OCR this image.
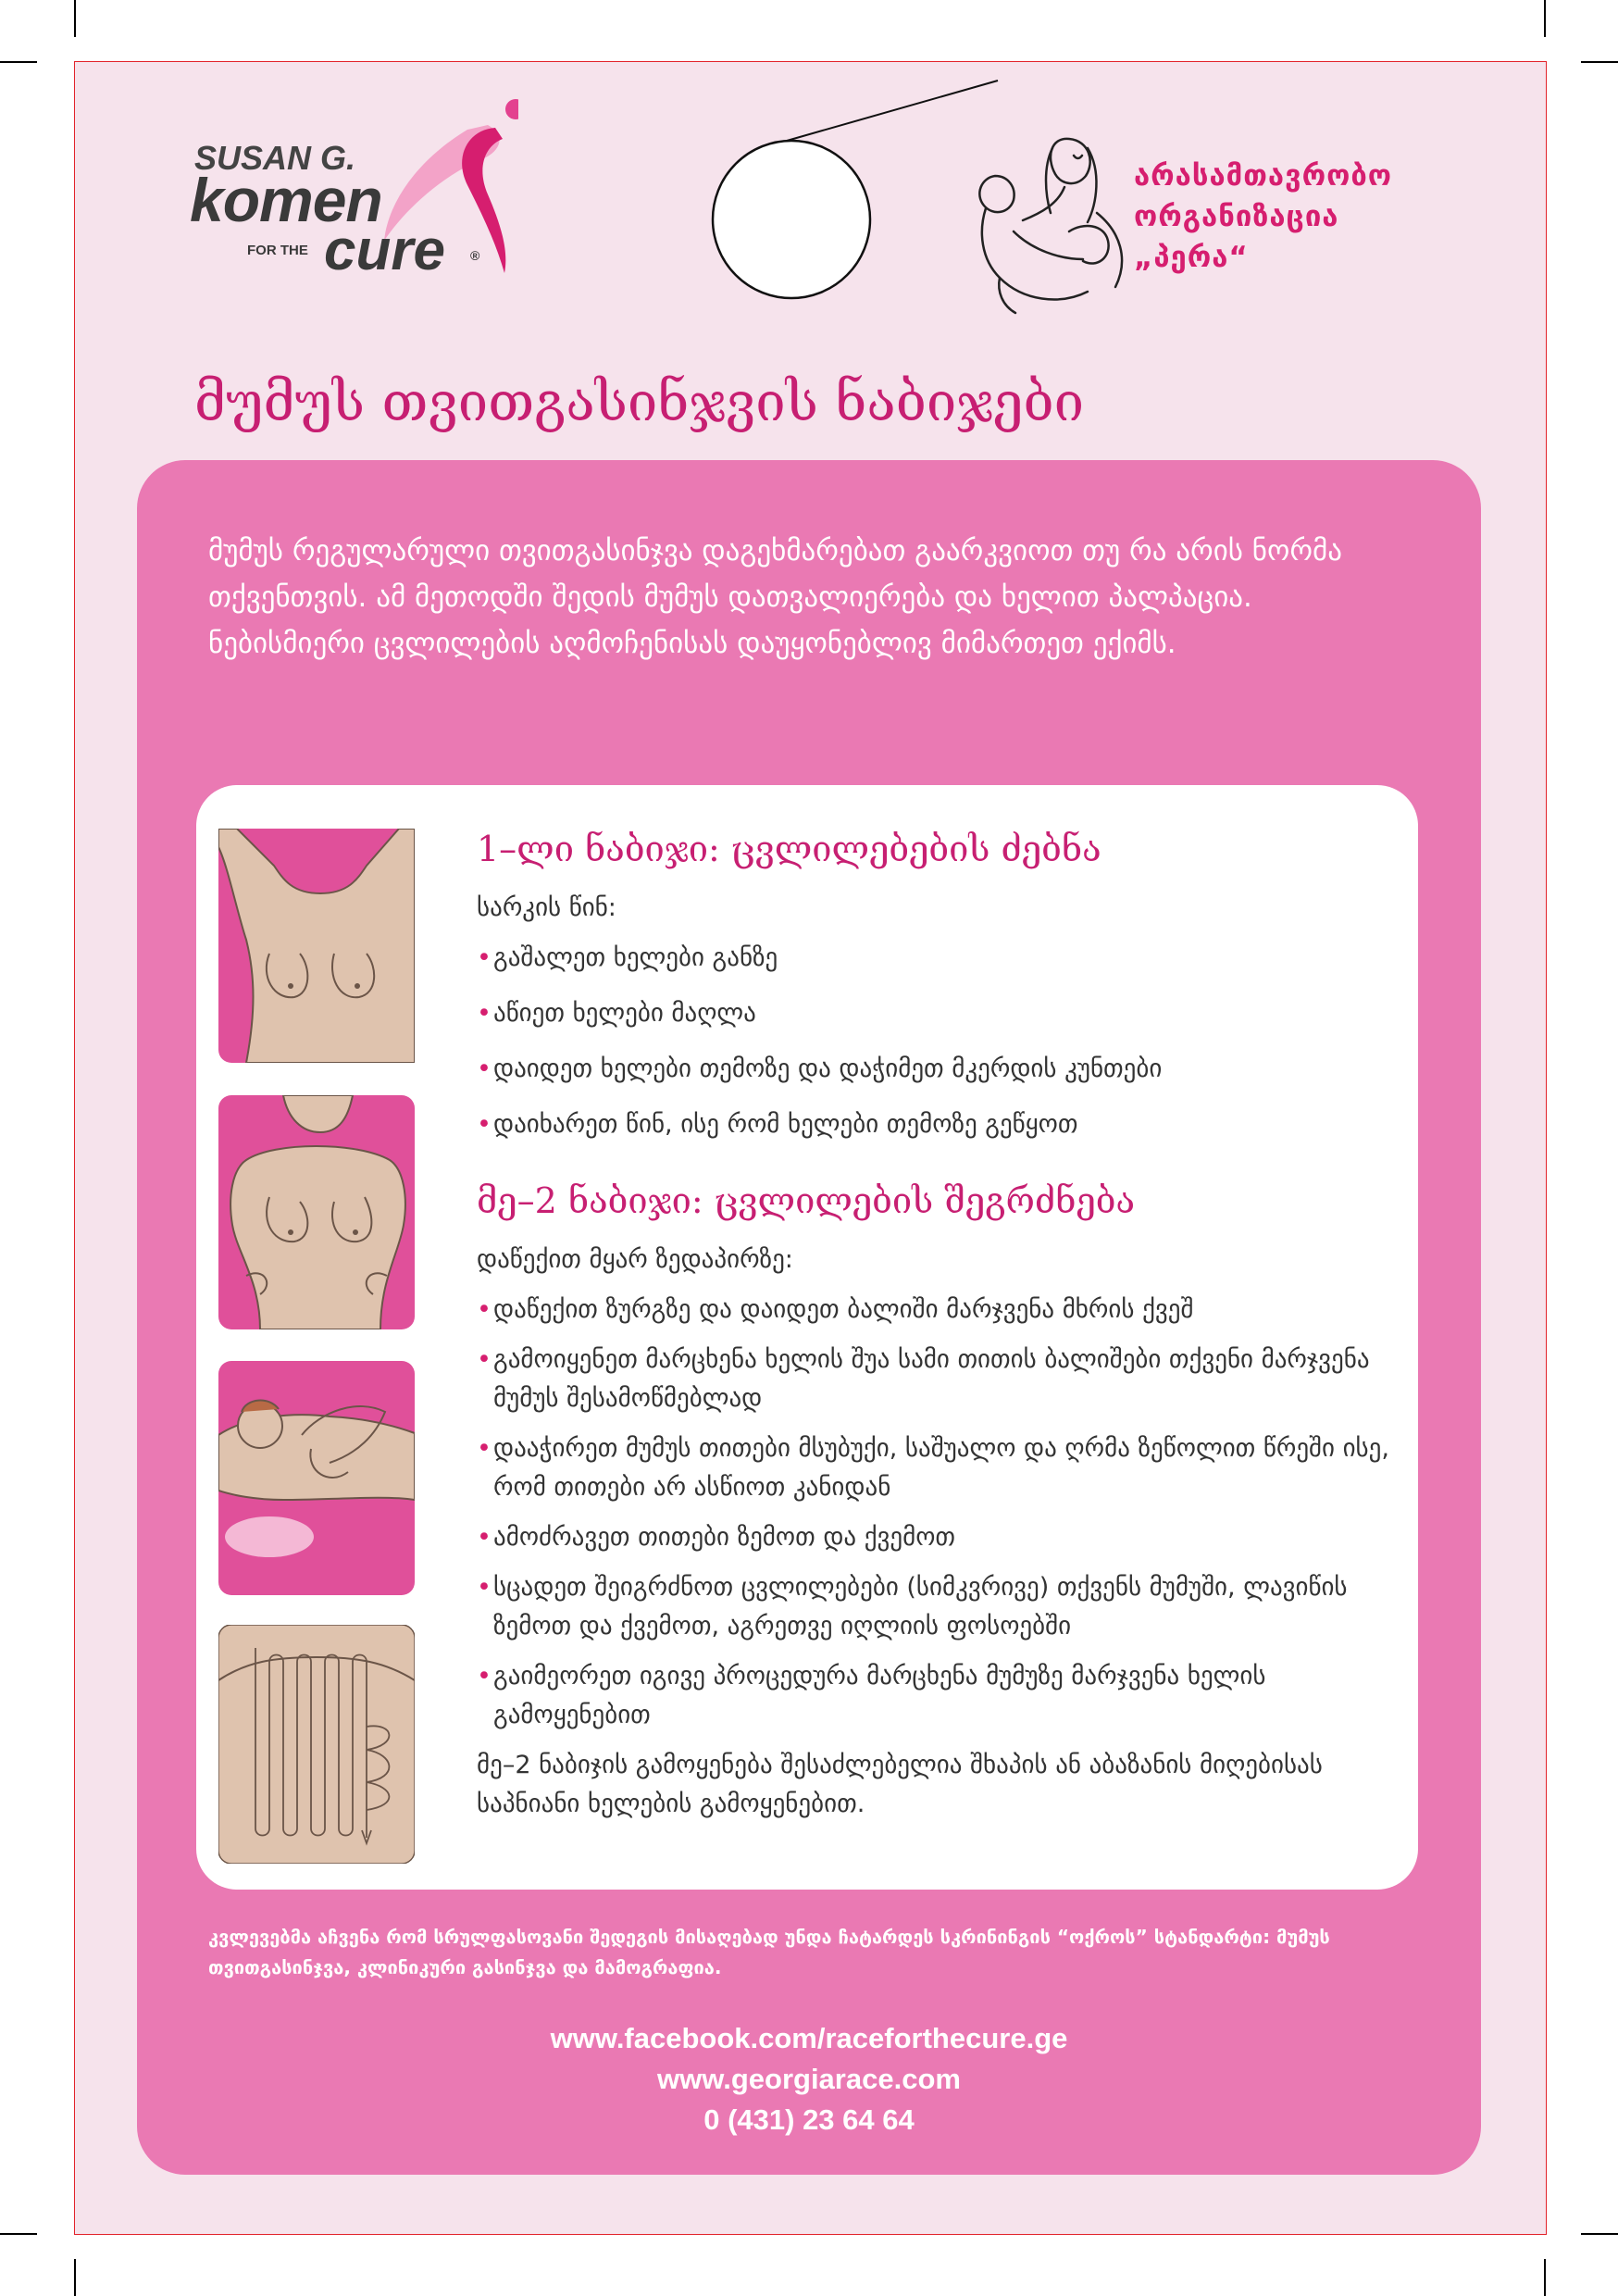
SUSAN G.
komen
FOR THE cure ®
არასამთავრობო
ორგანიზაცია
„პერა“
მუმუს თვითგასინჯვის ნაბიჯები

მუმუს რეგულარული თვითგასინჯვა დაგეხმარებათ გაარკვიოთ თუ რა არის ნორმა თქვენთვის. ამ მეთოდში შედის მუმუს დათვალიერება და ხელით პალპაცია. ნებისმიერი ცვლილების აღმოჩენისას დაუყონებლივ მიმართეთ ექიმს.

1–ლი ნაბიჯი: ცვლილებების ძებნა

სარკის წინ:

• გაშალეთ ხელები განზე
• აწიეთ ხელები მაღლა
• დაიდეთ ხელები თემოზე და დაჭიმეთ მკერდის კუნთები
• დაიხარეთ წინ, ისე რომ ხელები თემოზე გეწყოთ
მე–2 ნაბიჯი: ცვლილების შეგრძნება

დაწექით მყარ ზედაპირზე:

• დაწექით ზურგზე და დაიდეთ ბალიში მარჯვენა მხრის ქვეშ
• გამოიყენეთ მარცხენა ხელის შუა სამი თითის ბალიშები თქვენი მარჯვენა მუმუს შესამოწმებლად
• დააჭირეთ მუმუს თითები მსუბუქი, საშუალო და ღრმა ზეწოლით წრეში ისე, რომ თითები არ ასწიოთ კანიდან
• ამოძრავეთ თითები ზემოთ და ქვემოთ
• სცადეთ შეიგრძნოთ ცვლილებები (სიმკვრივე) თქვენს მუმუში, ლავიწის ზემოთ და ქვემოთ, აგრეთვე იღლიის ფოსოებში
• გაიმეორეთ იგივე პროცედურა მარცხენა მუმუზე მარჯვენა ხელის გამოყენებით

მე–2 ნაბიჯის გამოყენება შესაძლებელია შხაპის ან აბაზანის მიღებისას საპნიანი ხელების გამოყენებით.

კვლევებმა აჩვენა რომ სრულფასოვანი შედეგის მისაღებად უნდა ჩატარდეს სკრინინგის “ოქროს” სტანდარტი: მუმუს თვითგასინჯვა, კლინიკური გასინჯვა და მამოგრაფია.

www.facebook.com/raceforthecure.ge
www.georgiarace.com
0 (431) 23 64 64
